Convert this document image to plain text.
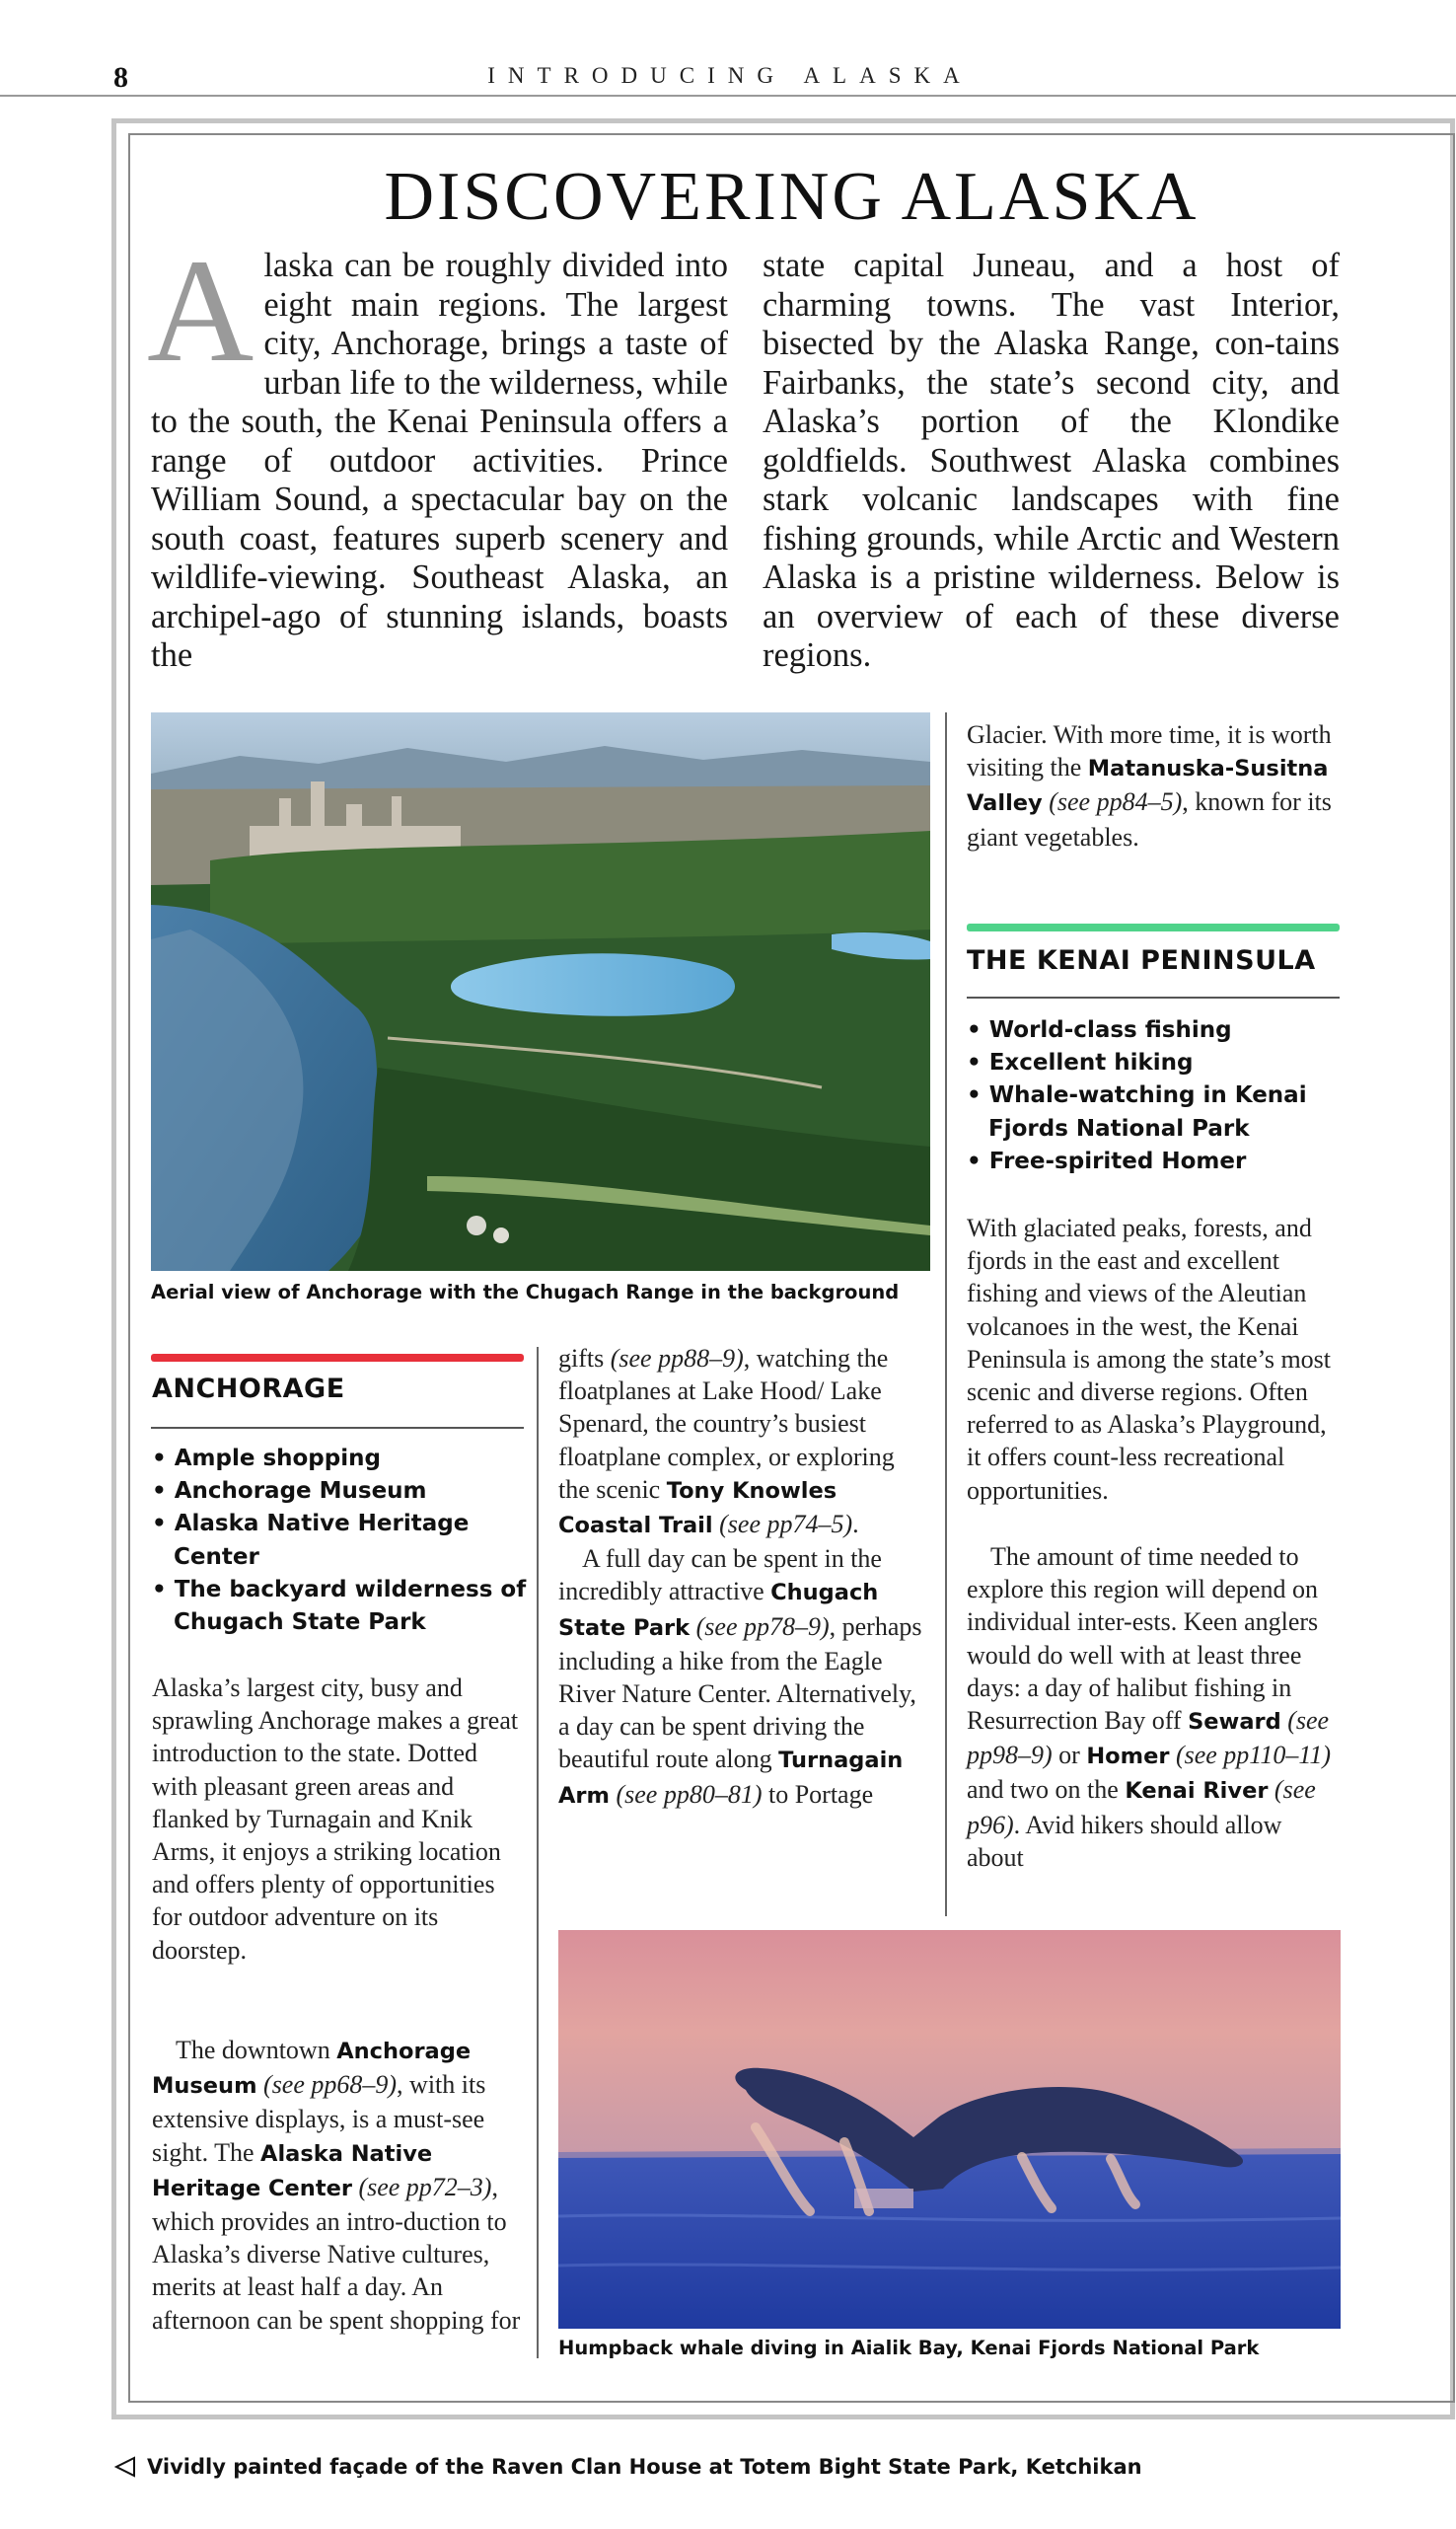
8	INTRODUCING ALASKA
DISCOVERING ALASKA

Alaska can be roughly divided into eight main regions. The largest city, Anchorage, brings a taste of urban life to the wilderness, while to the south, the Kenai Peninsula offers a range of outdoor activities. Prince William Sound, a spectacular bay on the south coast, features superb scenery and wildlife-viewing. Southeast Alaska, an archipel-ago of stunning islands, boasts the

state capital Juneau, and a host of charming towns. The vast Interior, bisected by the Alaska Range, con-tains Fairbanks, the state’s second city, and Alaska’s portion of the Klondike goldfields. Southwest Alaska combines stark volcanic landscapes with fine fishing grounds, while Arctic and Western Alaska is a pristine wilderness. Below is an overview of each of these diverse regions.

Aerial view of Anchorage with the Chugach Range in the background
ANCHORAGE
• Ample shopping
• Anchorage Museum
• Alaska Native Heritage Center
• The backyard wilderness of Chugach State Park

Alaska’s largest city, busy and sprawling Anchorage makes a great introduction to the state. Dotted with pleasant green areas and flanked by Turnagain and Knik Arms, it enjoys a striking location and offers plenty of opportunities for outdoor adventure on its doorstep.

The downtown Anchorage Museum (see pp68–9), with its extensive displays, is a must-see sight. The Alaska Native Heritage Center (see pp72–3), which provides an intro-duction to Alaska’s diverse Native cultures, merits at least half a day. An afternoon can be spent shopping for

gifts (see pp88–9), watching the floatplanes at Lake Hood/ Lake Spenard, the country’s busiest floatplane complex, or exploring the scenic Tony Knowles Coastal Trail (see pp74–5).
A full day can be spent in the incredibly attractive Chugach State Park (see pp78–9), perhaps including a hike from the Eagle River Nature Center. Alternatively, a day can be spent driving the beautiful route along Turnagain Arm (see pp80–81) to Portage

Glacier. With more time, it is worth visiting the Matanuska-Susitna Valley (see pp84–5), known for its giant vegetables.

THE KENAI PENINSULA
• World-class fishing
• Excellent hiking
• Whale-watching in Kenai Fjords National Park
• Free-spirited Homer

With glaciated peaks, forests, and fjords in the east and excellent fishing and views of the Aleutian volcanoes in the west, the Kenai Peninsula is among the state’s most scenic and diverse regions. Often referred to as Alaska’s Playground, it offers count-less recreational opportunities.

The amount of time needed to explore this region will depend on individual inter-ests. Keen anglers would do well with at least three days: a day of halibut fishing in Resurrection Bay off Seward (see pp98–9) or Homer (see pp110–11) and two on the Kenai River (see p96). Avid hikers should allow about

Humpback whale diving in Aialik Bay, Kenai Fjords National Park
Vividly painted façade of the Raven Clan House at Totem Bight State Park, Ketchikan
